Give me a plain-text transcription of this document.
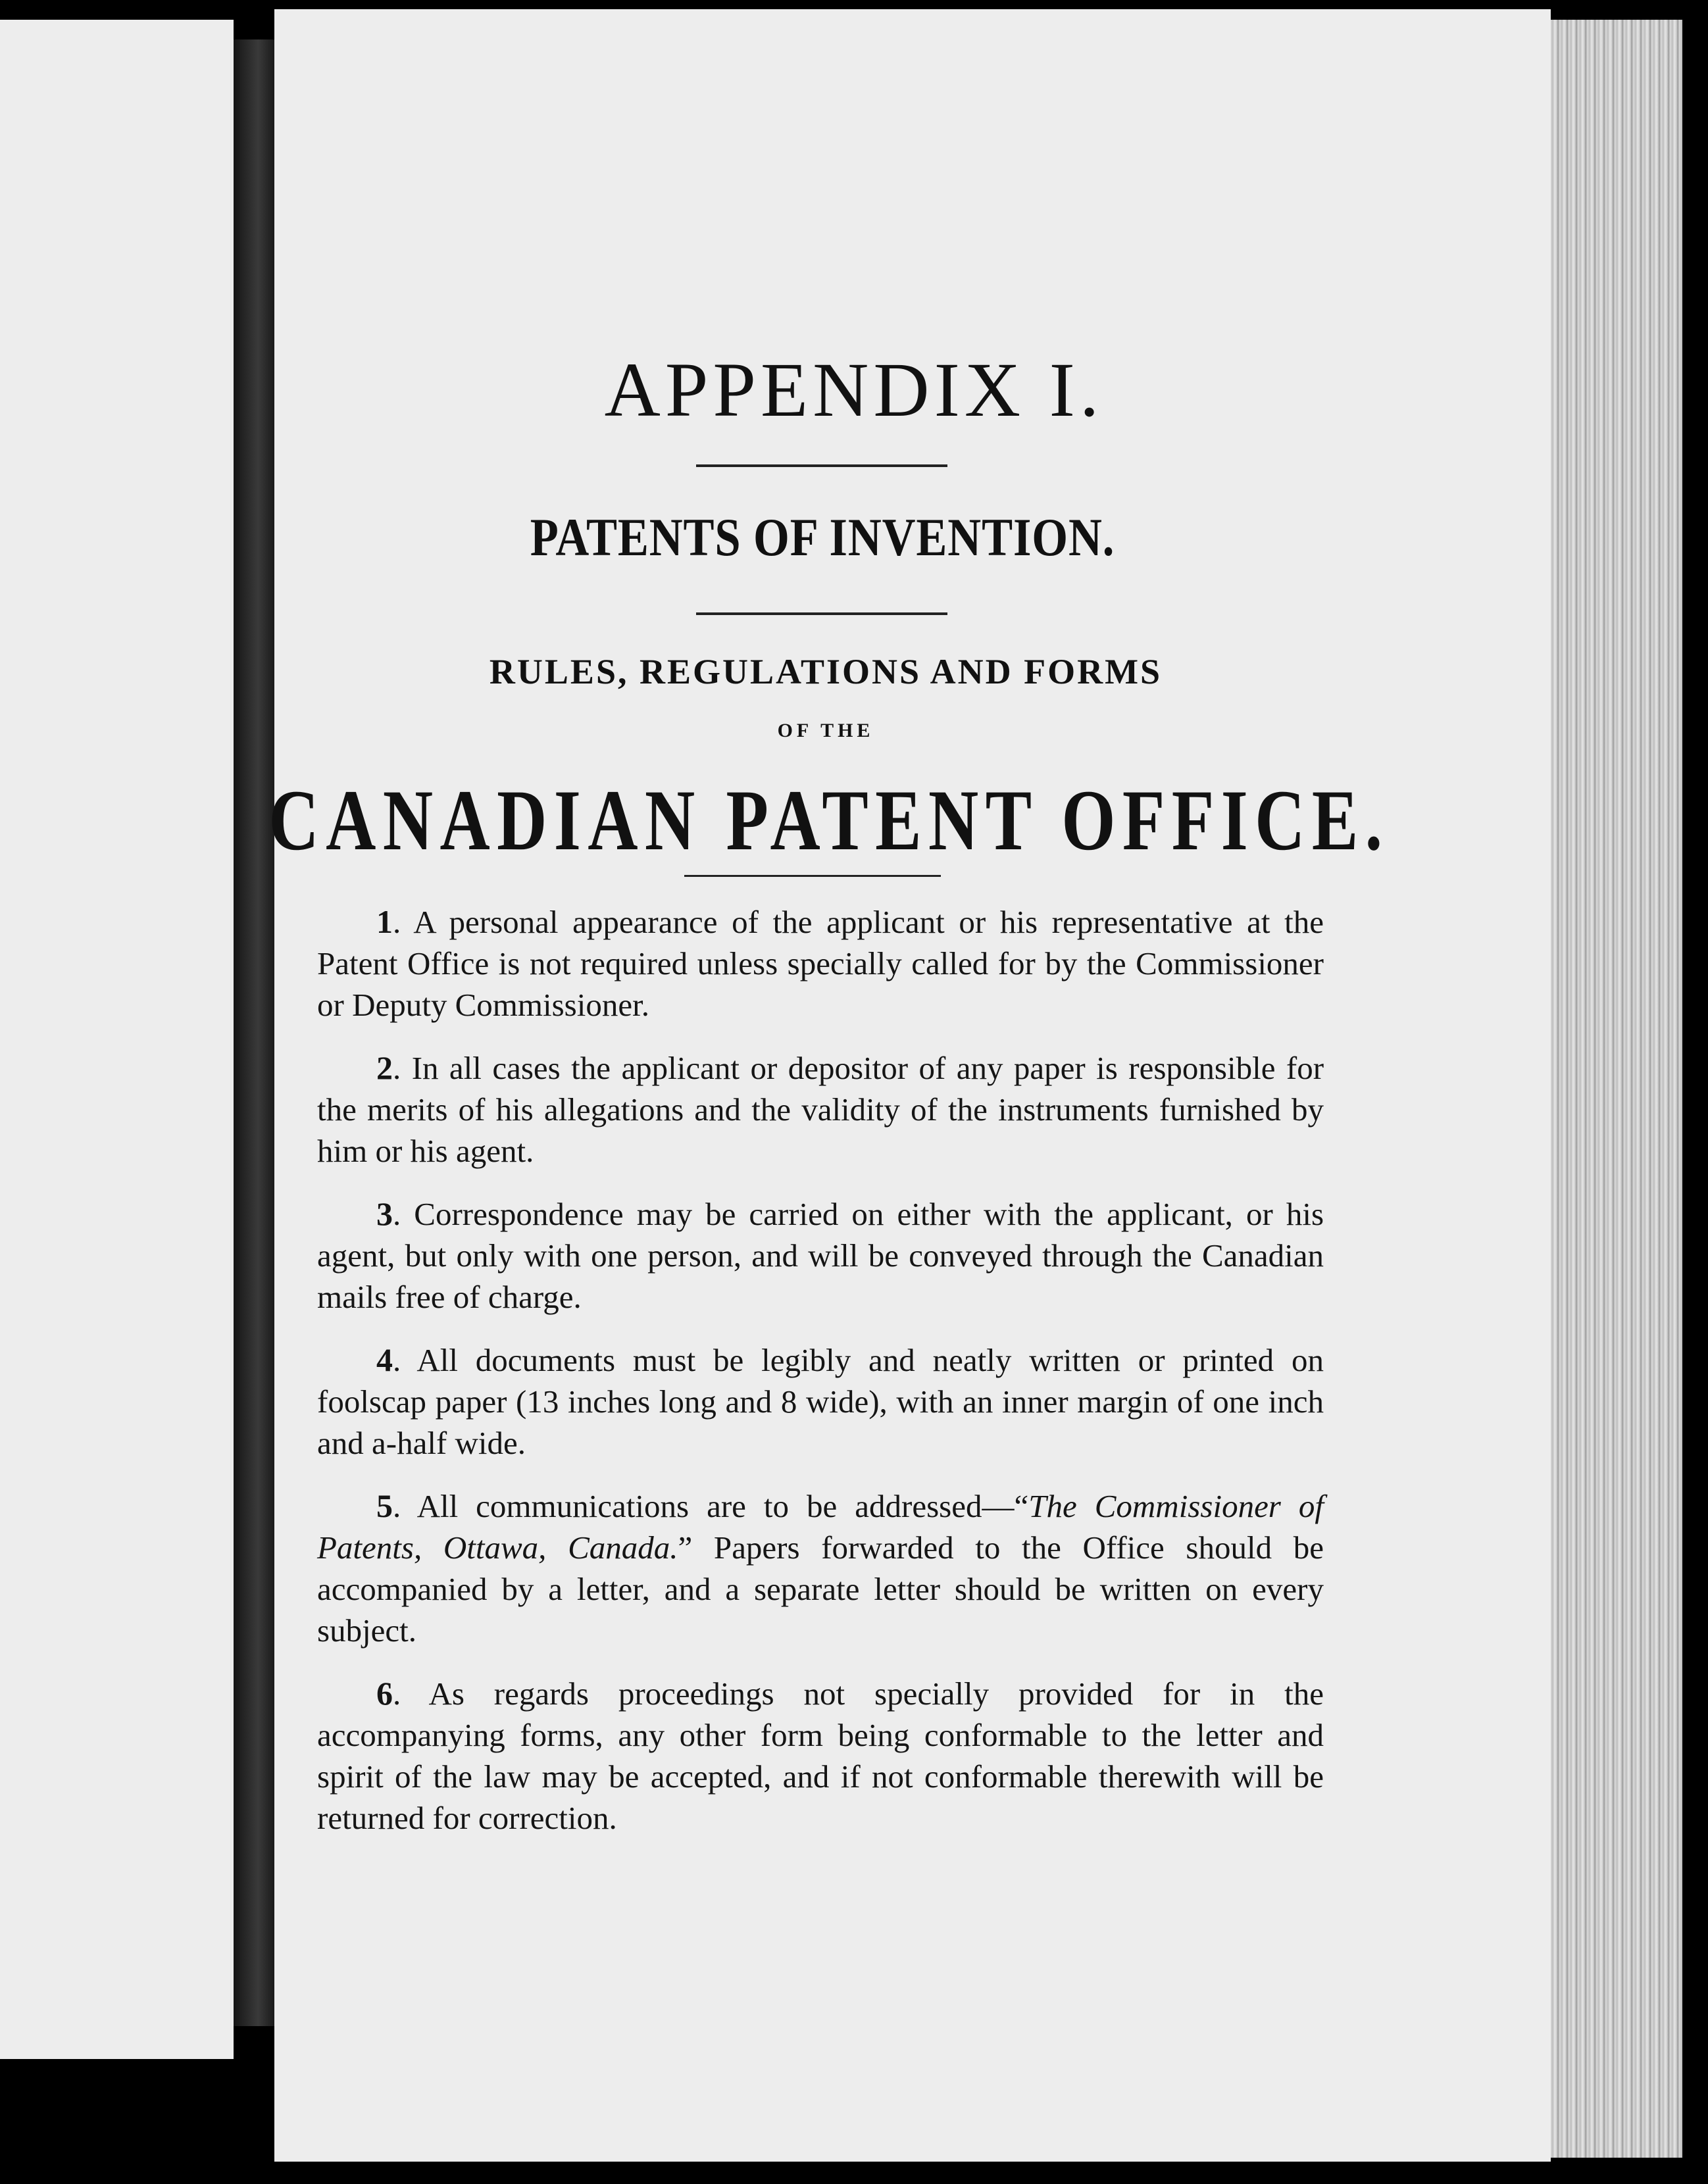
APPENDIX I.
PATENTS OF INVENTION.
RULES, REGULATIONS AND FORMS
OF THE
CANADIAN PATENT OFFICE.

1. A personal appearance of the applicant or his representative at the Patent Office is not required unless specially called for by the Commissioner or Deputy Commissioner.

2. In all cases the applicant or depositor of any paper is responsible for the merits of his allegations and the validity of the instruments furnished by him or his agent.

3. Correspondence may be carried on either with the applicant, or his agent, but only with one person, and will be conveyed through the Canadian mails free of charge.

4. All documents must be legibly and neatly written or printed on foolscap paper (13 inches long and 8 wide), with an inner margin of one inch and a-half wide.

5. All communications are to be addressed—“The Commissioner of Patents, Ottawa, Canada.” Papers forwarded to the Office should be accompanied by a letter, and a separate letter should be written on every subject.

6. As regards proceedings not specially provided for in the accompanying forms, any other form being conformable to the letter and spirit of the law may be accepted, and if not conformable therewith will be returned for correction.
